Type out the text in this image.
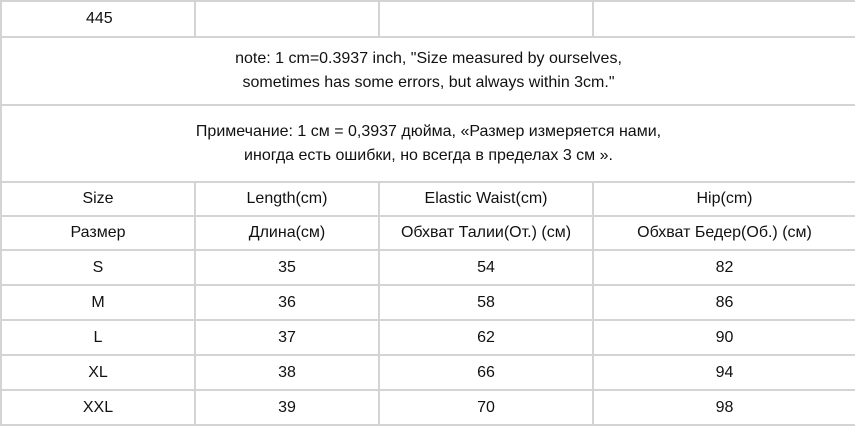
445			

note: 1 cm=0.3937 inch, "Size measured by ourselves,
sometimes has some errors, but always within 3cm."			

Примечание: 1 см = 0,3937 дюйма, «Размер измеряется нами,
иногда есть ошибки, но всегда в пределах 3 см ».			

Size	Length(cm)	Elastic Waist(cm)	Hip(cm)
Размер	Длина(см)	Обхват Талии(От.) (см)	Обхват Бедер(Об.) (см)
S	35	54	82
M	36	58	86
L	37	62	90
XL	38	66	94
XXL	39	70	98
